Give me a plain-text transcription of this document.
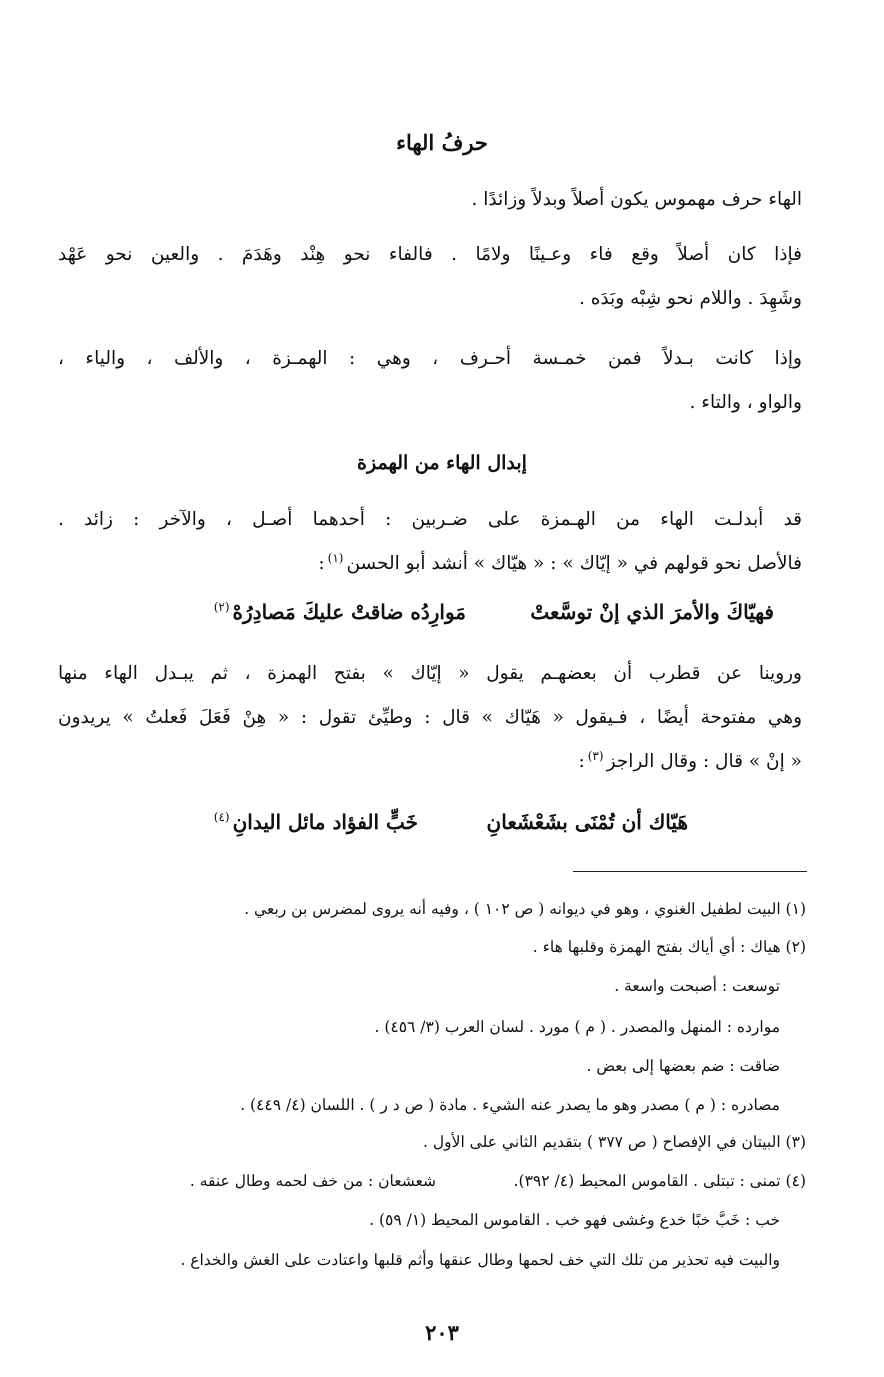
حرفُ الهاء
الهاء حرف مهموس يكون أصلاً وبدلاً وزائدًا .
فإذا كان أصلاً وقع فاء وعـينًا ولامًا . فالفاء نحو هِنْد وهَدَمَ . والعين نحو عَهْد
وشَهِدَ . واللام نحو شِبْه وبَدَه .
وإذا كانت بـدلاً فمن خمـسة أحـرف ، وهي : الهمـزة ، والألف ، والياء ،
والواو ، والتاء .
إبدال الهاء من الهمزة
قد أبدلـت الهاء من الهـمزة على ضـربين : أحدهما أصـل ، والآخر : زائد .
فالأصل نحو قولهم في « إيّاك » : « هيّاك » أنشد أبو الحسن$^{(١)}$:
فهيّاكَ والأمرَ الذي إنْ توسَّعتْ
مَوارِدُه ضاقتْ عليكَ مَصادِرُهْ$^{(٢)}$
وروينا عن قطرب أن بعضهـم يقول « إيّاك » بفتح الهمزة ، ثم يبـدل الهاء منها
وهي مفتوحة أيضًا ، فـيقول « هَيّاك » قال : وطيِّئ تقول : « هِنْ فَعَلَ فَعلتُ » يريدون
« إنْ » قال : وقال الراجز$^{(٣)}$:
هَيّاك أن تُمْنَى بشَعْشَعانِ
خَبٍّ الفؤاد مائل اليدانِ$^{(٤)}$
(١) البيت لطفيل الغنوي ، وهو في ديوانه ( ص ١٠٢ ) ، وفيه أنه يروى لمضرس بن ربعي .
(٢) هياك : أي أياك بفتح الهمزة وقلبها هاء .
توسعت : أصبحت واسعة .
موارده : المنهل والمصدر . ( م ) مورد . لسان العرب (٣/ ٤٥٦) .
ضاقت : ضم بعضها إلى بعض .
مصادره : ( م ) مصدر وهو ما يصدر عنه الشيء . مادة ( ص د ر ) . اللسان (٤/ ٤٤٩) .
(٣) البيتان في الإفصاح ( ص ٣٧٧ ) بتقديم الثاني على الأول .
(٤) تمنى : تبتلى . القاموس المحيط (٤/ ٣٩٢).
شعشعان : من خف لحمه وطال عنقه .
خب : خَبَّ خبًا خدع وغشى فهو خب . القاموس المحيط (١/ ٥٩) .
والبيت فيه تحذير من تلك التي خف لحمها وطال عنقها وأثم قلبها واعتادت على الغش والخداع .
٢٠٣
